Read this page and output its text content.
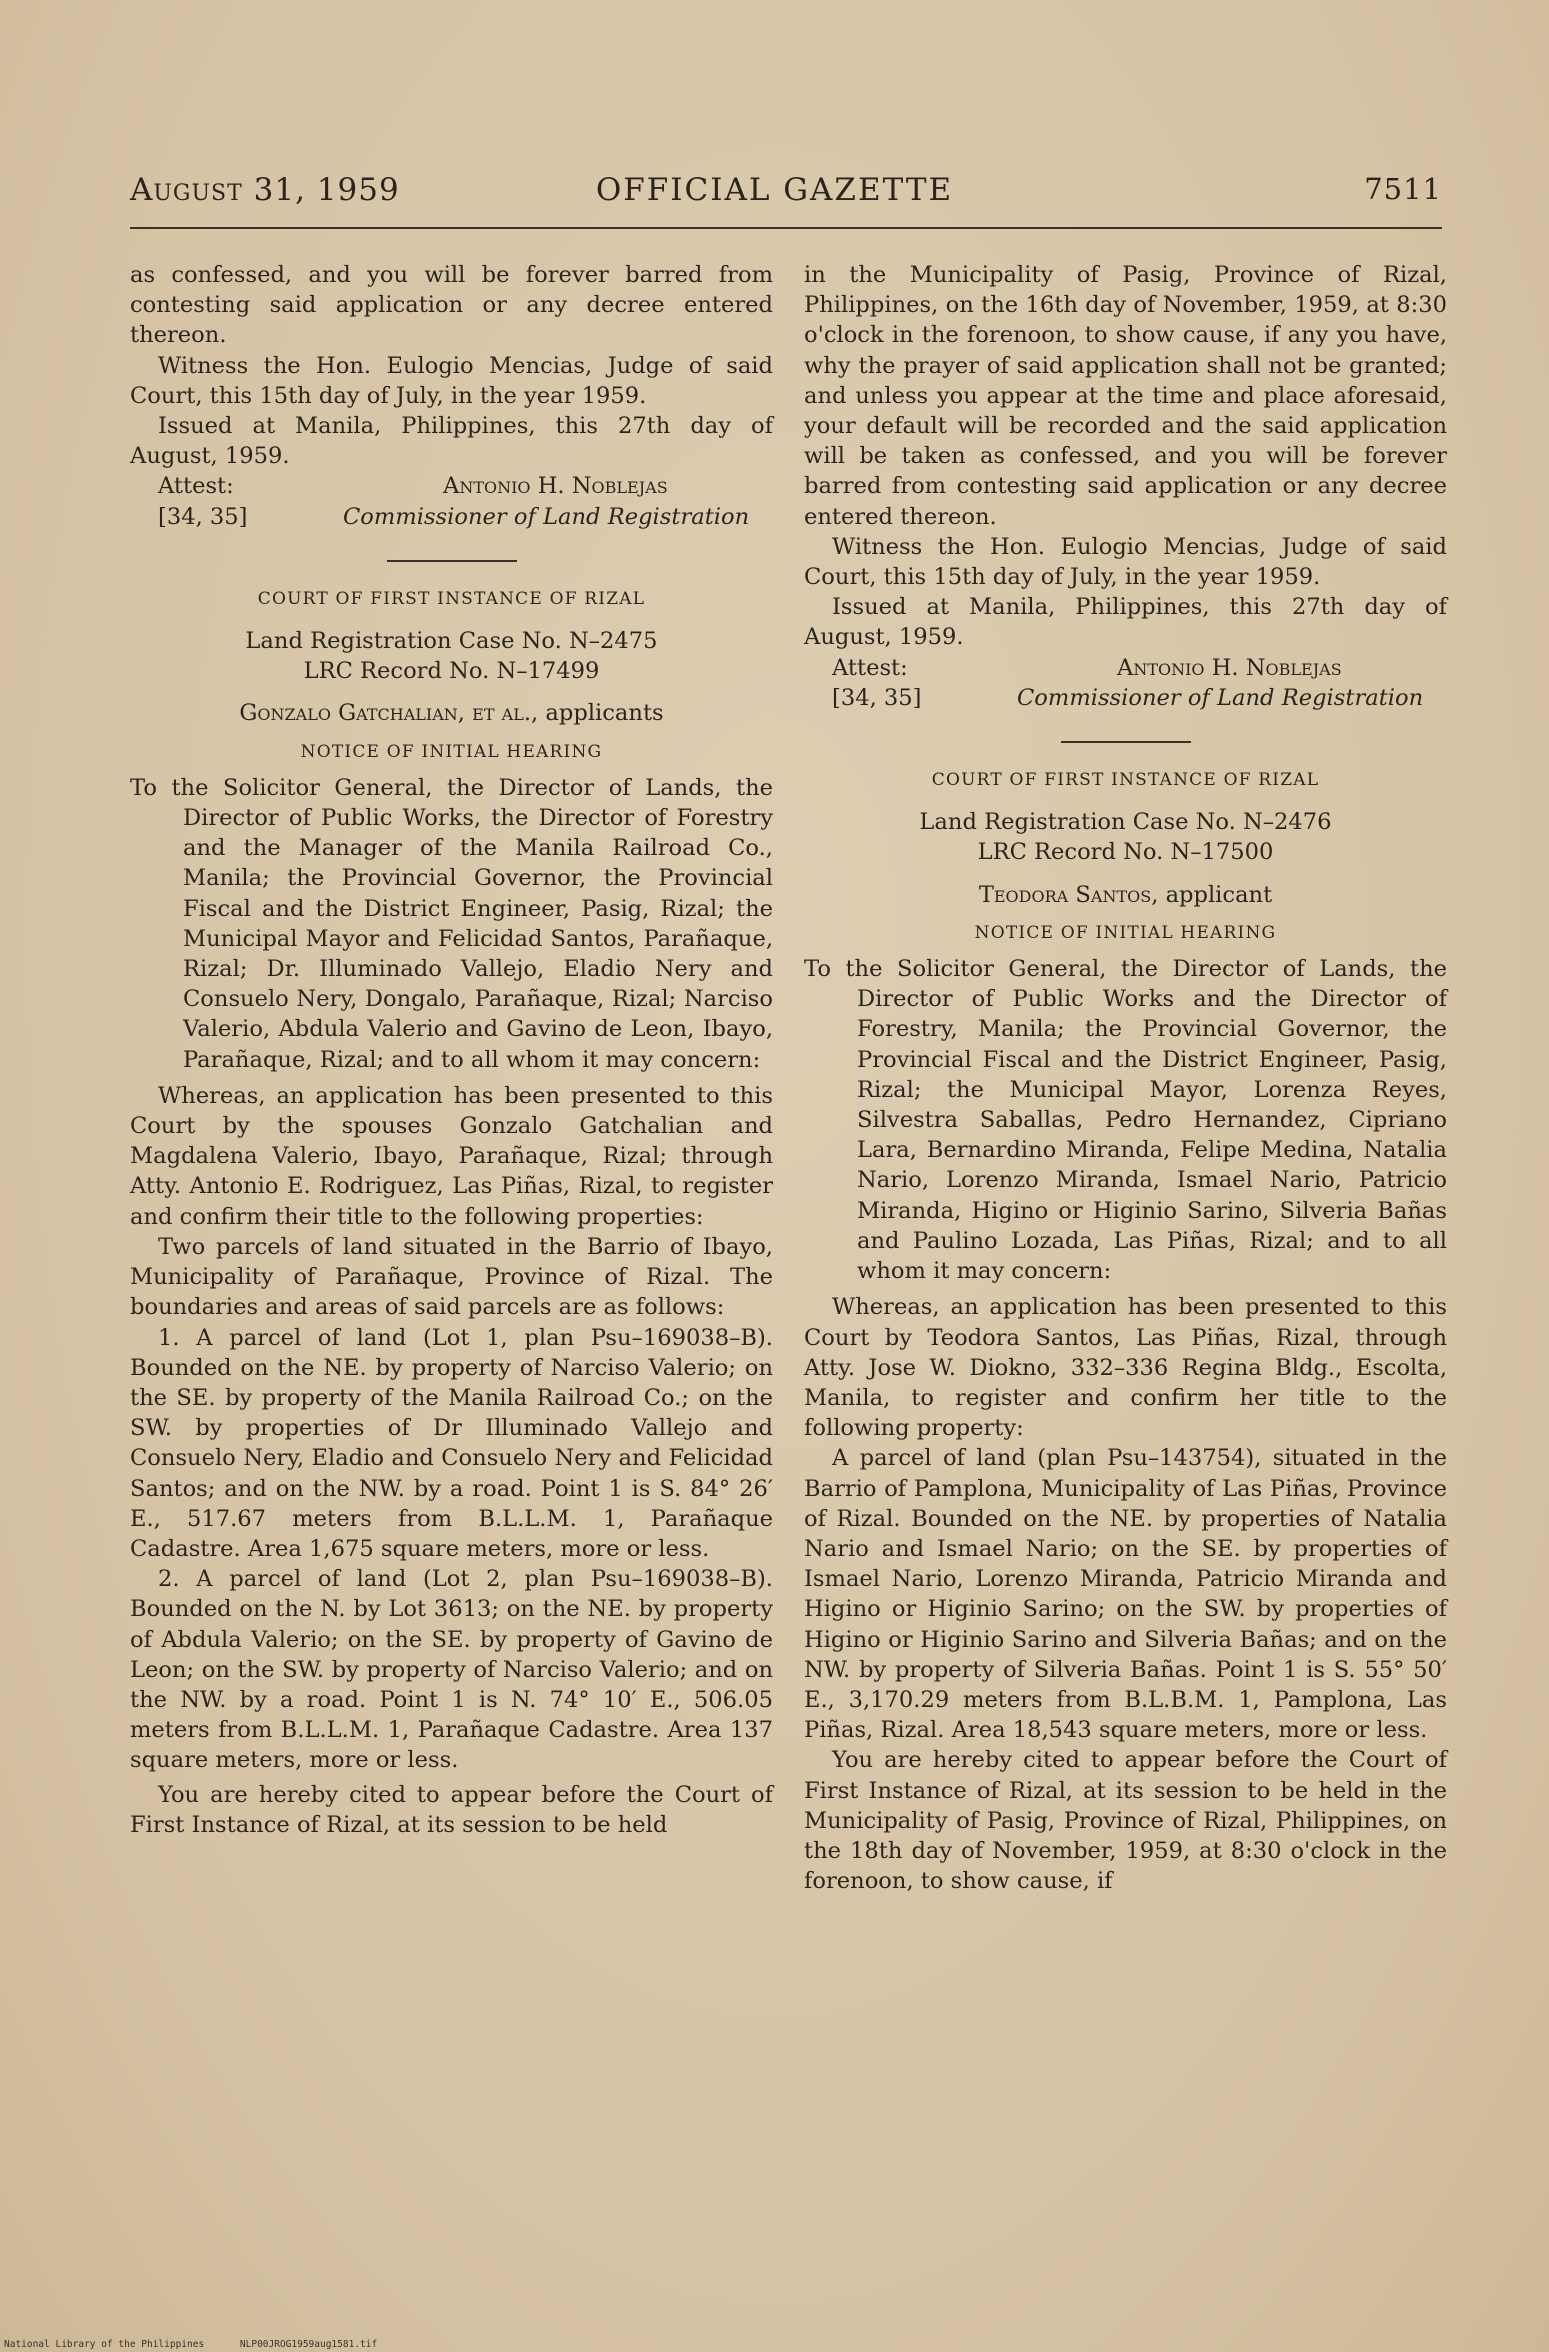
OFFICIAL GAZETTE
August 31, 1959	7511

as confessed, and you will be forever barred from contesting said application or any decree entered thereon.

Witness the Hon. Eulogio Mencias, Judge of said Court, this 15th day of July, in the year 1959.

Issued at Manila, Philippines, this 27th day of August, 1959.

Attest:
[34, 35]
Antonio H. Noblejas
Commissioner of Land Registration
COURT OF FIRST INSTANCE OF RIZAL
Land Registration Case No. N–2475
LRC Record No. N–17499
Gonzalo Gatchalian, et al., applicants
NOTICE OF INITIAL HEARING

To the Solicitor General, the Director of Lands, the Director of Public Works, the Director of Forestry and the Manager of the Manila Railroad Co., Manila; the Provincial Governor, the Provincial Fiscal and the District Engineer, Pasig, Rizal; the Municipal Mayor and Felicidad Santos, Parañaque, Rizal; Dr. Illuminado Vallejo, Eladio Nery and Consuelo Nery, Dongalo, Parañaque, Rizal; Narciso Valerio, Abdula Valerio and Gavino de Leon, Ibayo, Parañaque, Rizal; and to all whom it may concern:

Whereas, an application has been presented to this Court by the spouses Gonzalo Gatchalian and Magdalena Valerio, Ibayo, Parañaque, Rizal; through Atty. Antonio E. Rodriguez, Las Piñas, Rizal, to register and confirm their title to the following properties:

Two parcels of land situated in the Barrio of Ibayo, Municipality of Parañaque, Province of Rizal. The boundaries and areas of said parcels are as follows:

1. A parcel of land (Lot 1, plan Psu–169038–B). Bounded on the NE. by property of Narciso Valerio; on the SE. by property of the Manila Railroad Co.; on the SW. by properties of Dr Illuminado Vallejo and Consuelo Nery, Eladio and Consuelo Nery and Felicidad Santos; and on the NW. by a road. Point 1 is S. 84° 26′ E., 517.67 meters from B.L.L.M. 1, Parañaque Cadastre. Area 1,675 square meters, more or less.

2. A parcel of land (Lot 2, plan Psu–169038–B). Bounded on the N. by Lot 3613; on the NE. by property of Abdula Valerio; on the SE. by property of Gavino de Leon; on the SW. by property of Narciso Valerio; and on the NW. by a road. Point 1 is N. 74° 10′ E., 506.05 meters from B.L.L.M. 1, Parañaque Cadastre. Area 137 square meters, more or less.

You are hereby cited to appear before the Court of First Instance of Rizal, at its session to be held

in the Municipality of Pasig, Province of Rizal, Philippines, on the 16th day of November, 1959, at 8:30 o'clock in the forenoon, to show cause, if any you have, why the prayer of said application shall not be granted; and unless you appear at the time and place aforesaid, your default will be recorded and the said application will be taken as confessed, and you will be forever barred from contesting said application or any decree entered thereon.

Witness the Hon. Eulogio Mencias, Judge of said Court, this 15th day of July, in the year 1959.

Issued at Manila, Philippines, this 27th day of August, 1959.

Attest:
[34, 35]
Antonio H. Noblejas
Commissioner of Land Registration
COURT OF FIRST INSTANCE OF RIZAL
Land Registration Case No. N–2476
LRC Record No. N–17500
Teodora Santos, applicant
NOTICE OF INITIAL HEARING

To the Solicitor General, the Director of Lands, the Director of Public Works and the Director of Forestry, Manila; the Provincial Governor, the Provincial Fiscal and the District Engineer, Pasig, Rizal; the Municipal Mayor, Lorenza Reyes, Silvestra Saballas, Pedro Hernandez, Cipriano Lara, Bernardino Miranda, Felipe Medina, Natalia Nario, Lorenzo Miranda, Ismael Nario, Patricio Miranda, Higino or Higinio Sarino, Silveria Bañas and Paulino Lozada, Las Piñas, Rizal; and to all whom it may concern:

Whereas, an application has been presented to this Court by Teodora Santos, Las Piñas, Rizal, through Atty. Jose W. Diokno, 332–336 Regina Bldg., Escolta, Manila, to register and confirm her title to the following property:

A parcel of land (plan Psu–143754), situated in the Barrio of Pamplona, Municipality of Las Piñas, Province of Rizal. Bounded on the NE. by properties of Natalia Nario and Ismael Nario; on the SE. by properties of Ismael Nario, Lorenzo Miranda, Patricio Miranda and Higino or Higinio Sarino; on the SW. by properties of Higino or Higinio Sarino and Silveria Bañas; and on the NW. by property of Silveria Bañas. Point 1 is S. 55° 50′ E., 3,170.29 meters from B.L.B.M. 1, Pamplona, Las Piñas, Rizal. Area 18,543 square meters, more or less.

You are hereby cited to appear before the Court of First Instance of Rizal, at its session to be held in the Municipality of Pasig, Province of Rizal, Philippines, on the 18th day of November, 1959, at 8:30 o'clock in the forenoon, to show cause, if

National Library of the Philippines	NLP00JROG1959aug1581.tif
